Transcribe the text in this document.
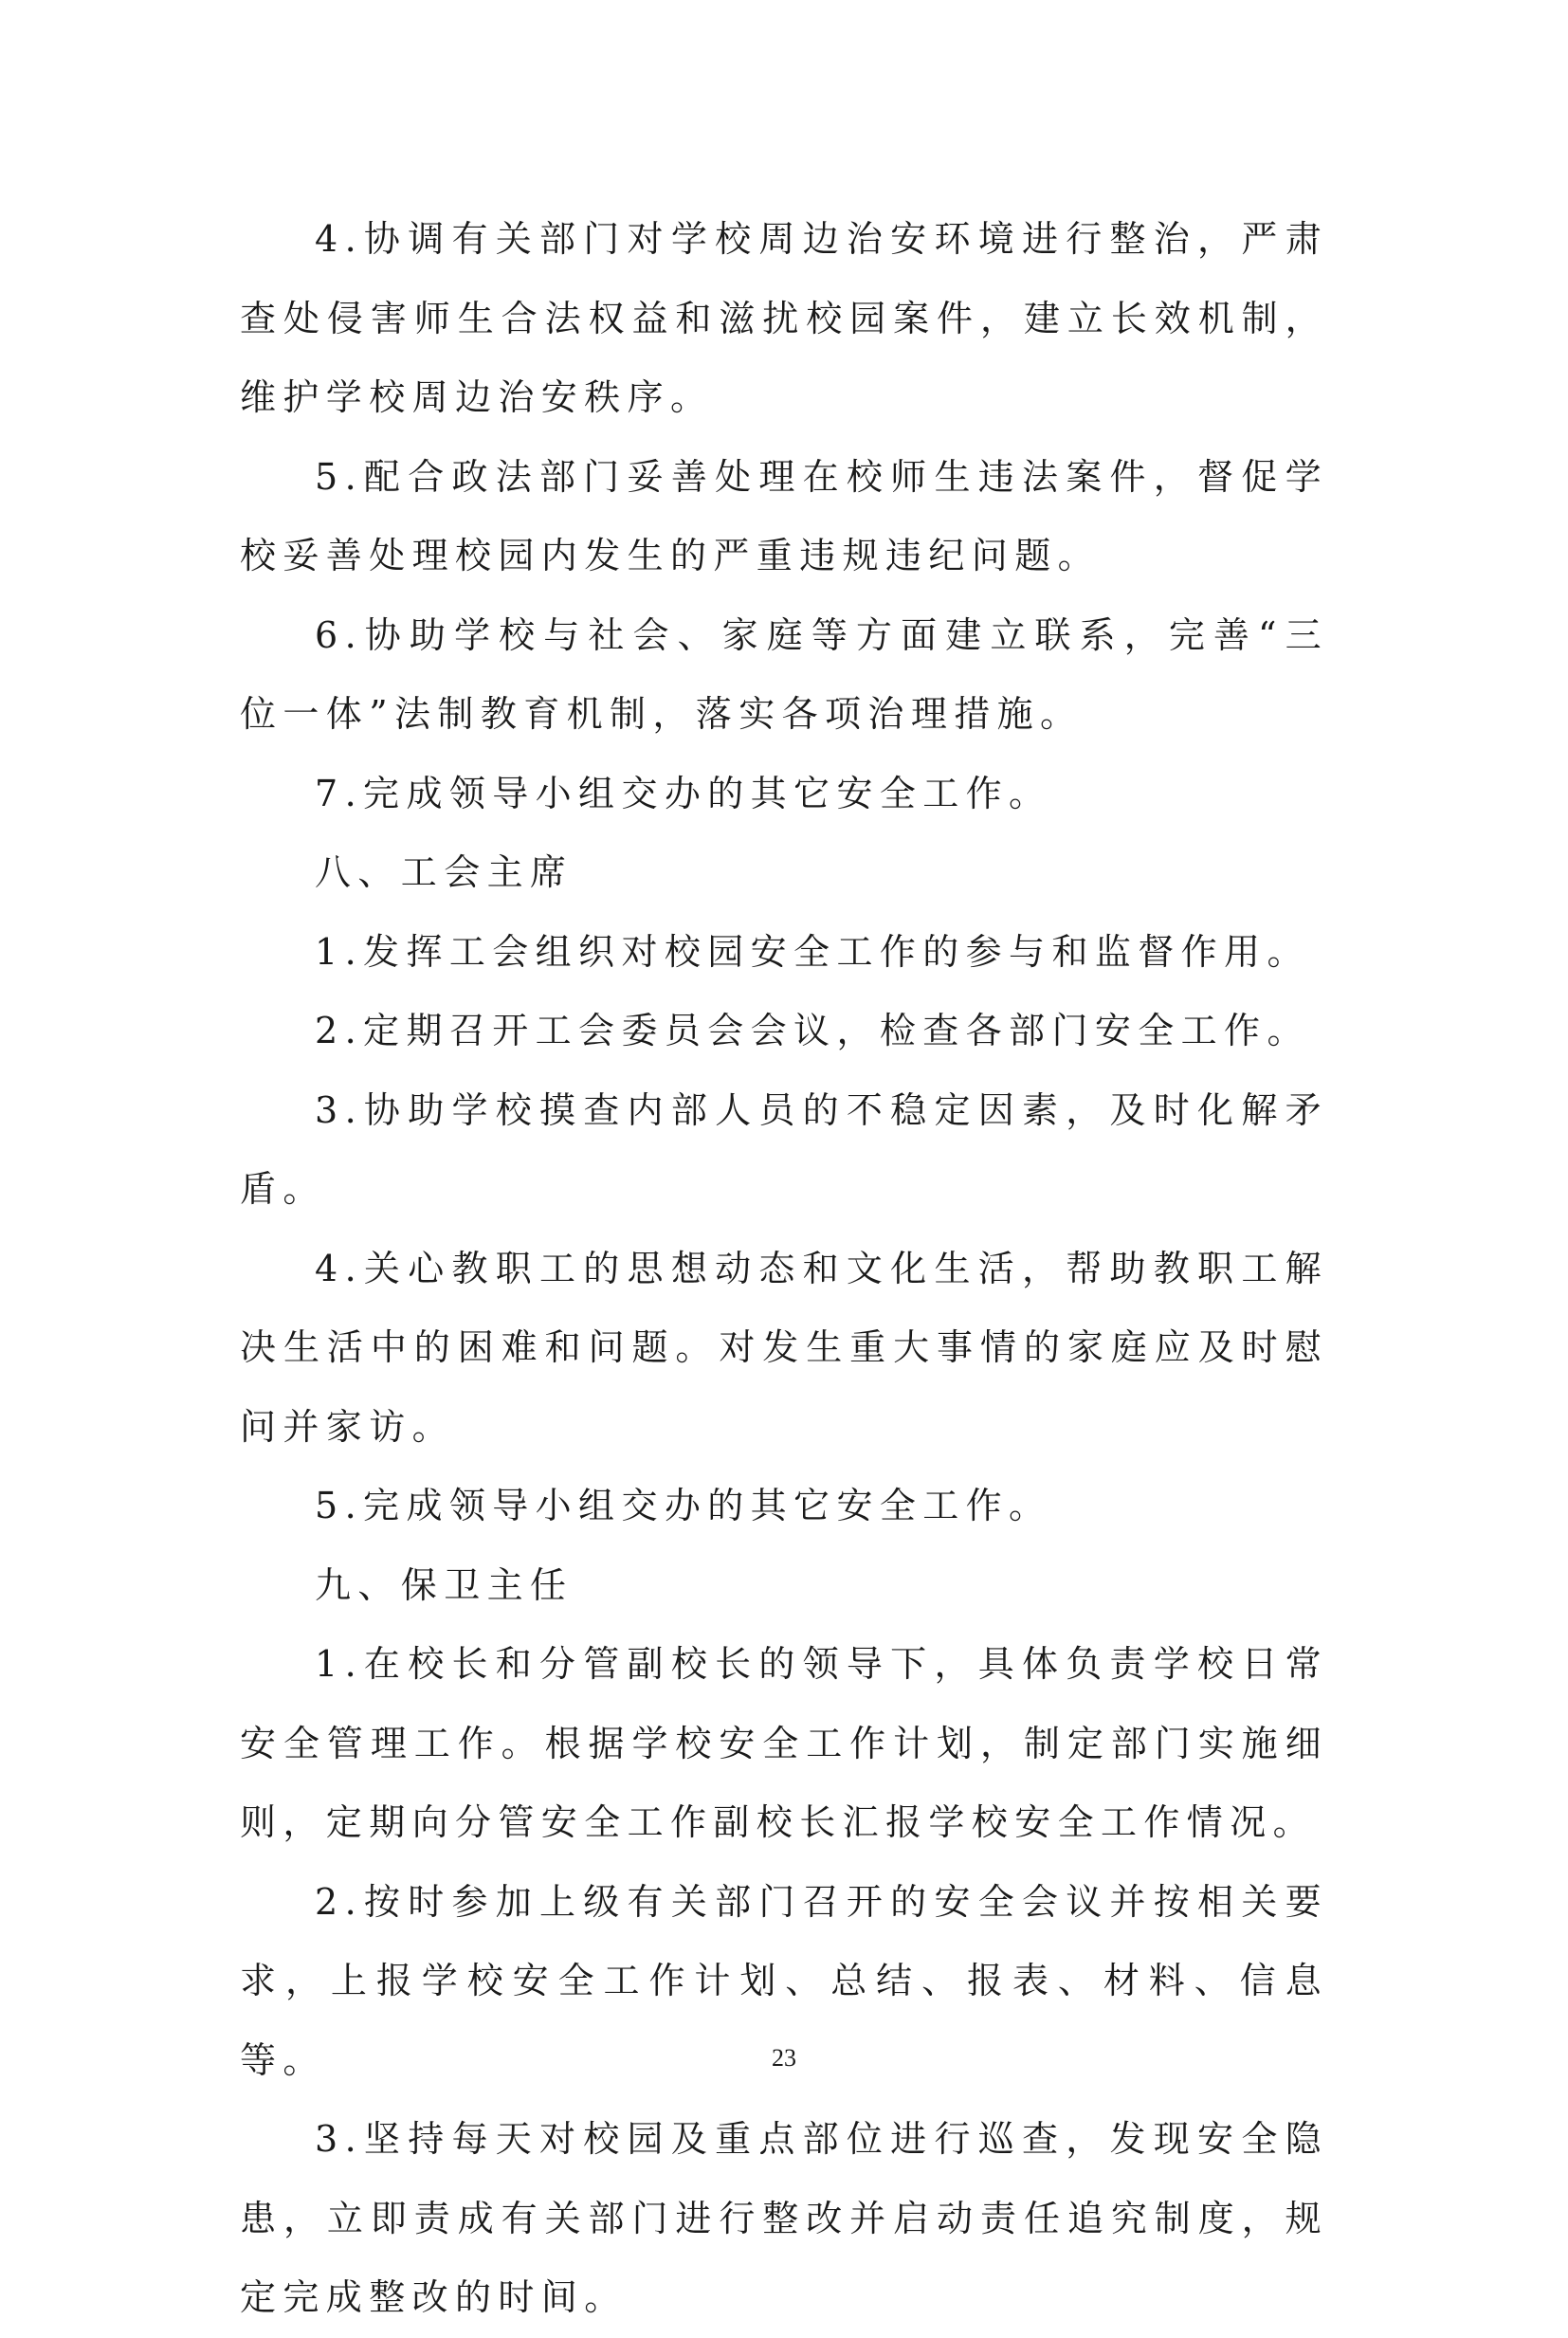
4.协调有关部门对学校周边治安环境进行整治，严肃查处侵害师生合法权益和滋扰校园案件，建立长效机制，维护学校周边治安秩序。

5.配合政法部门妥善处理在校师生违法案件，督促学校妥善处理校园内发生的严重违规违纪问题。

6.协助学校与社会、家庭等方面建立联系，完善“三位一体”法制教育机制，落实各项治理措施。

7.完成领导小组交办的其它安全工作。

八、工会主席

1.发挥工会组织对校园安全工作的参与和监督作用。

2.定期召开工会委员会会议，检查各部门安全工作。

3.协助学校摸查内部人员的不稳定因素，及时化解矛盾。

4.关心教职工的思想动态和文化生活，帮助教职工解决生活中的困难和问题。对发生重大事情的家庭应及时慰问并家访。

5.完成领导小组交办的其它安全工作。

九、保卫主任

1.在校长和分管副校长的领导下，具体负责学校日常安全管理工作。根据学校安全工作计划，制定部门实施细则，定期向分管安全工作副校长汇报学校安全工作情况。

2.按时参加上级有关部门召开的安全会议并按相关要求，上报学校安全工作计划、总结、报表、材料、信息等。

3.坚持每天对校园及重点部位进行巡查，发现安全隐患，立即责成有关部门进行整改并启动责任追究制度，规定完成整改的时间。

23
